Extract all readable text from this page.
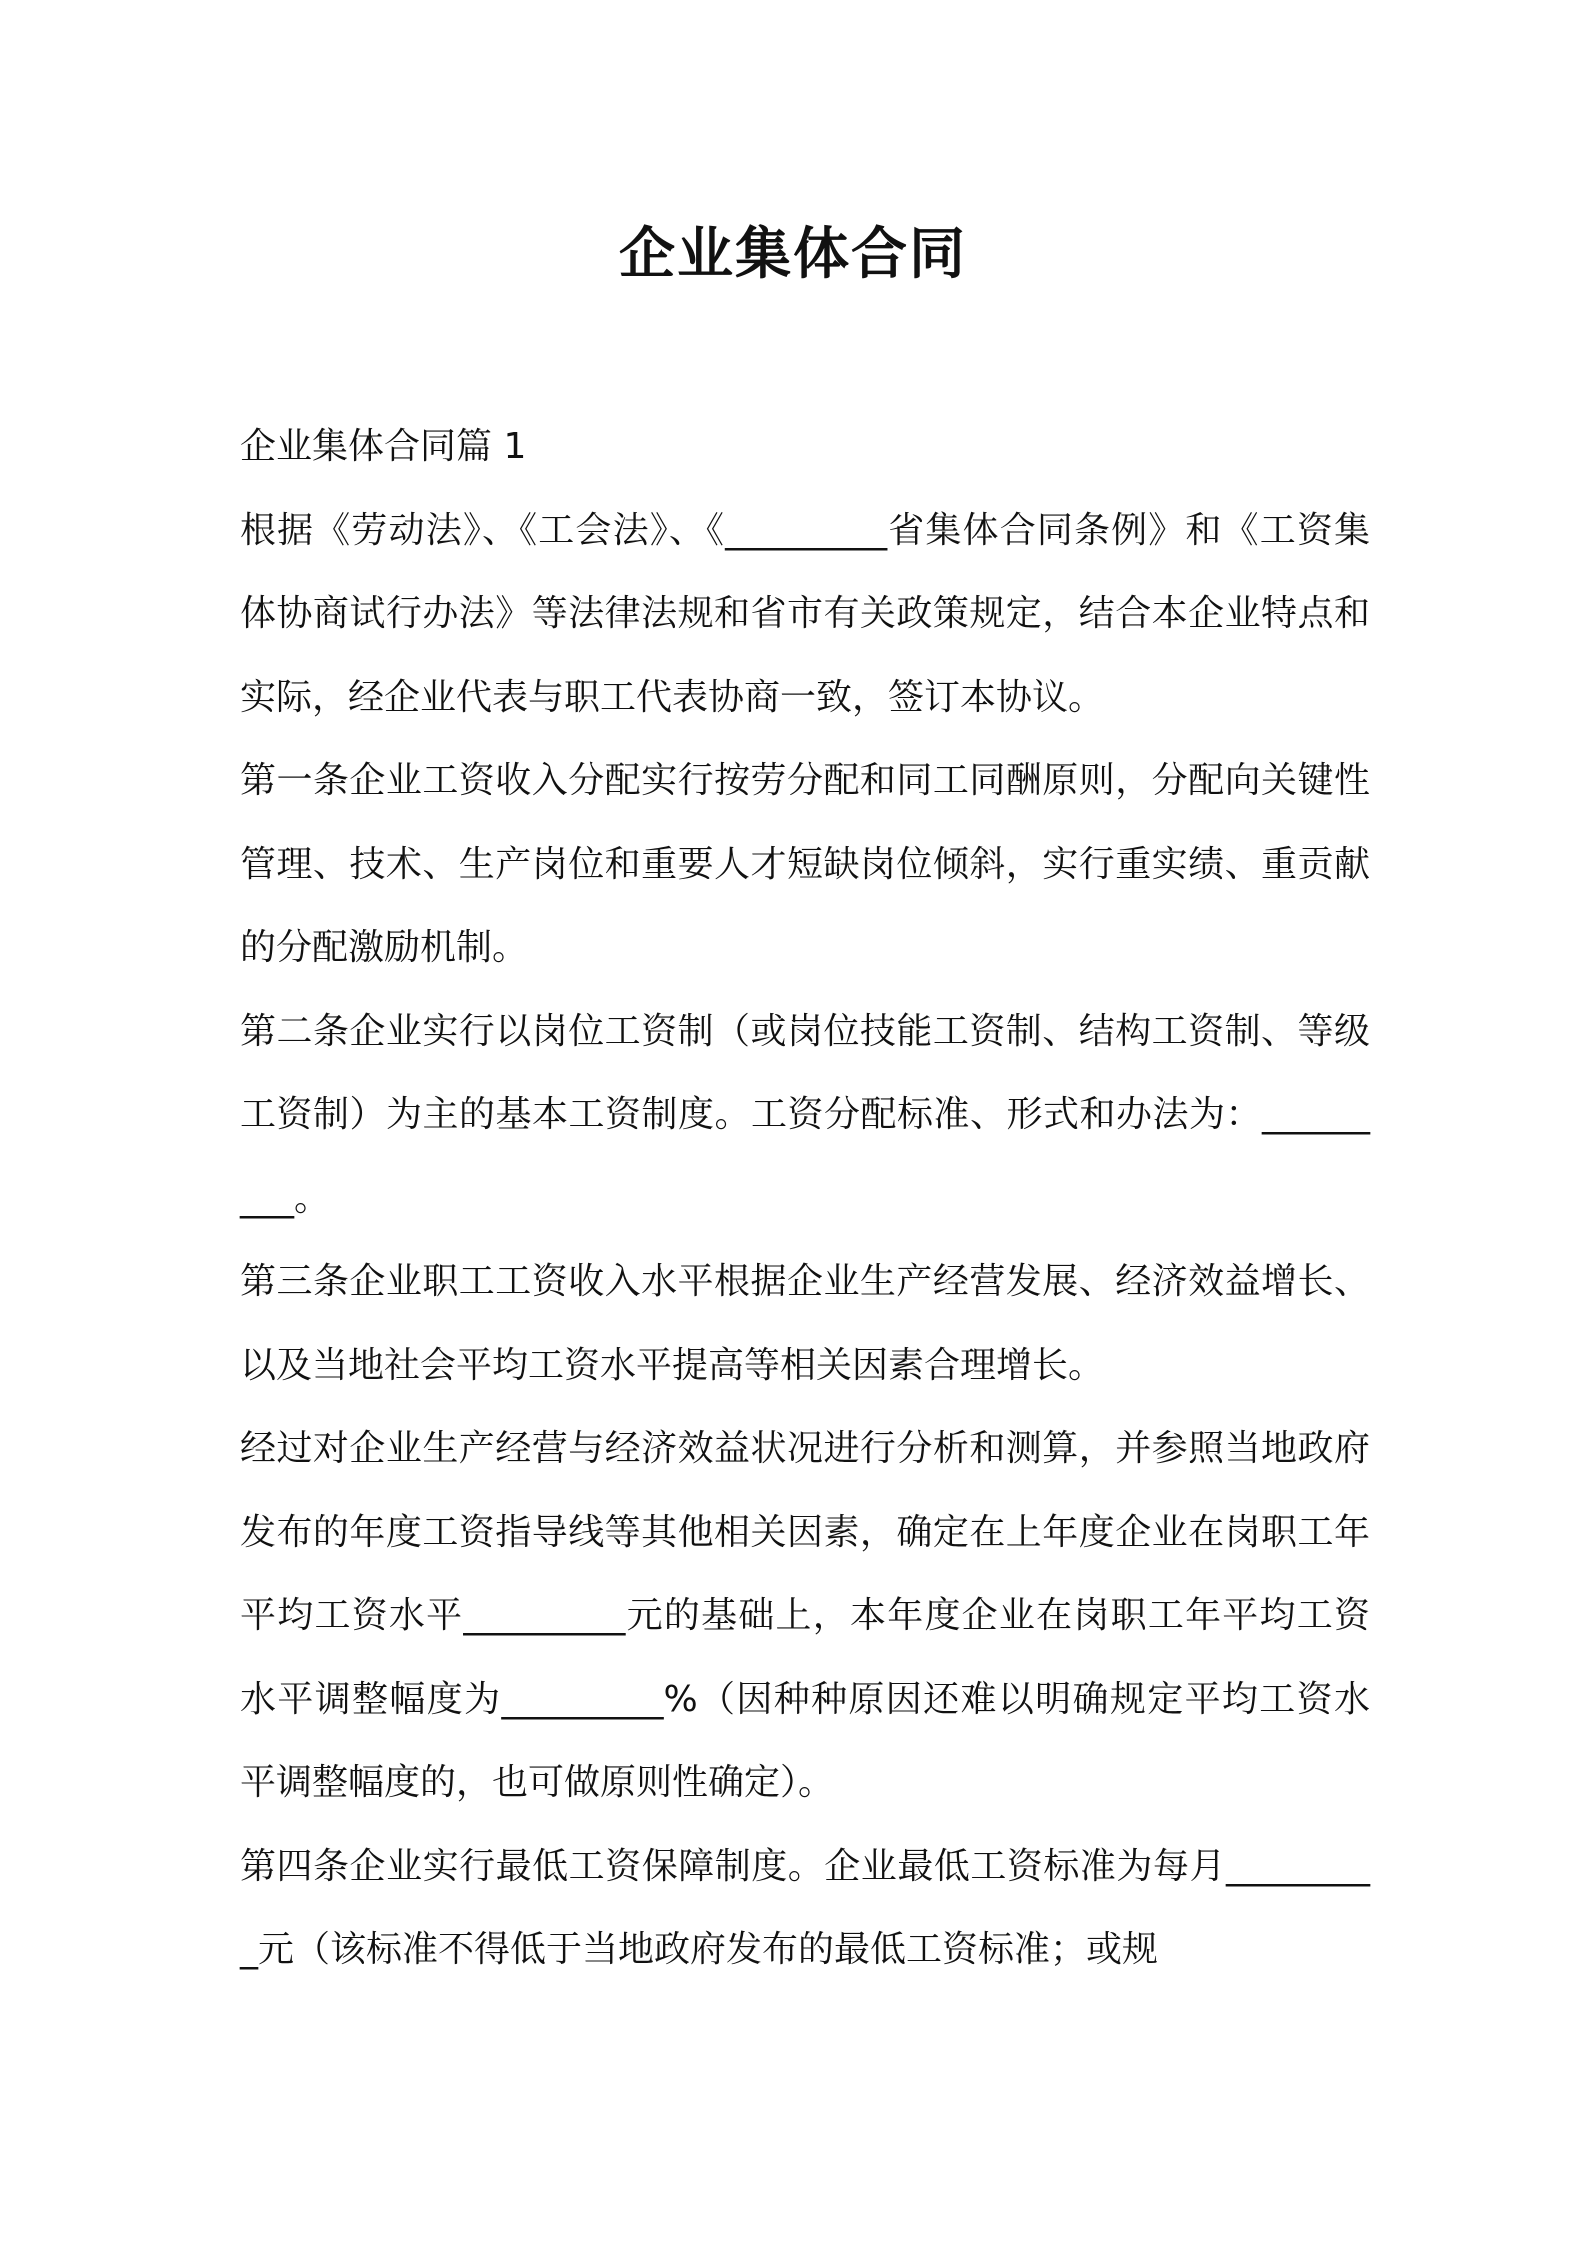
企业集体合同

企业集体合同篇 1

根据《劳动法》、《工会法》、《_________省集体合同条例》和《工资集体协商试行办法》等法律法规和省市有关政策规定，结合本企业特点和实际，经企业代表与职工代表协商一致，签订本协议。

第一条企业工资收入分配实行按劳分配和同工同酬原则，分配向关键性管理、技术、生产岗位和重要人才短缺岗位倾斜，实行重实绩、重贡献的分配激励机制。

第二条企业实行以岗位工资制（或岗位技能工资制、结构工资制、等级工资制）为主的基本工资制度。工资分配标准、形式和办法为：_________。

第三条企业职工工资收入水平根据企业生产经营发展、经济效益增长、以及当地社会平均工资水平提高等相关因素合理增长。

经过对企业生产经营与经济效益状况进行分析和测算，并参照当地政府发布的年度工资指导线等其他相关因素，确定在上年度企业在岗职工年平均工资水平_________元的基础上，本年度企业在岗职工年平均工资水平调整幅度为_________%（因种种原因还难以明确规定平均工资水平调整幅度的，也可做原则性确定）。

第四条企业实行最低工资保障制度。企业最低工资标准为每月_________元（该标准不得低于当地政府发布的最低工资标准；或规
